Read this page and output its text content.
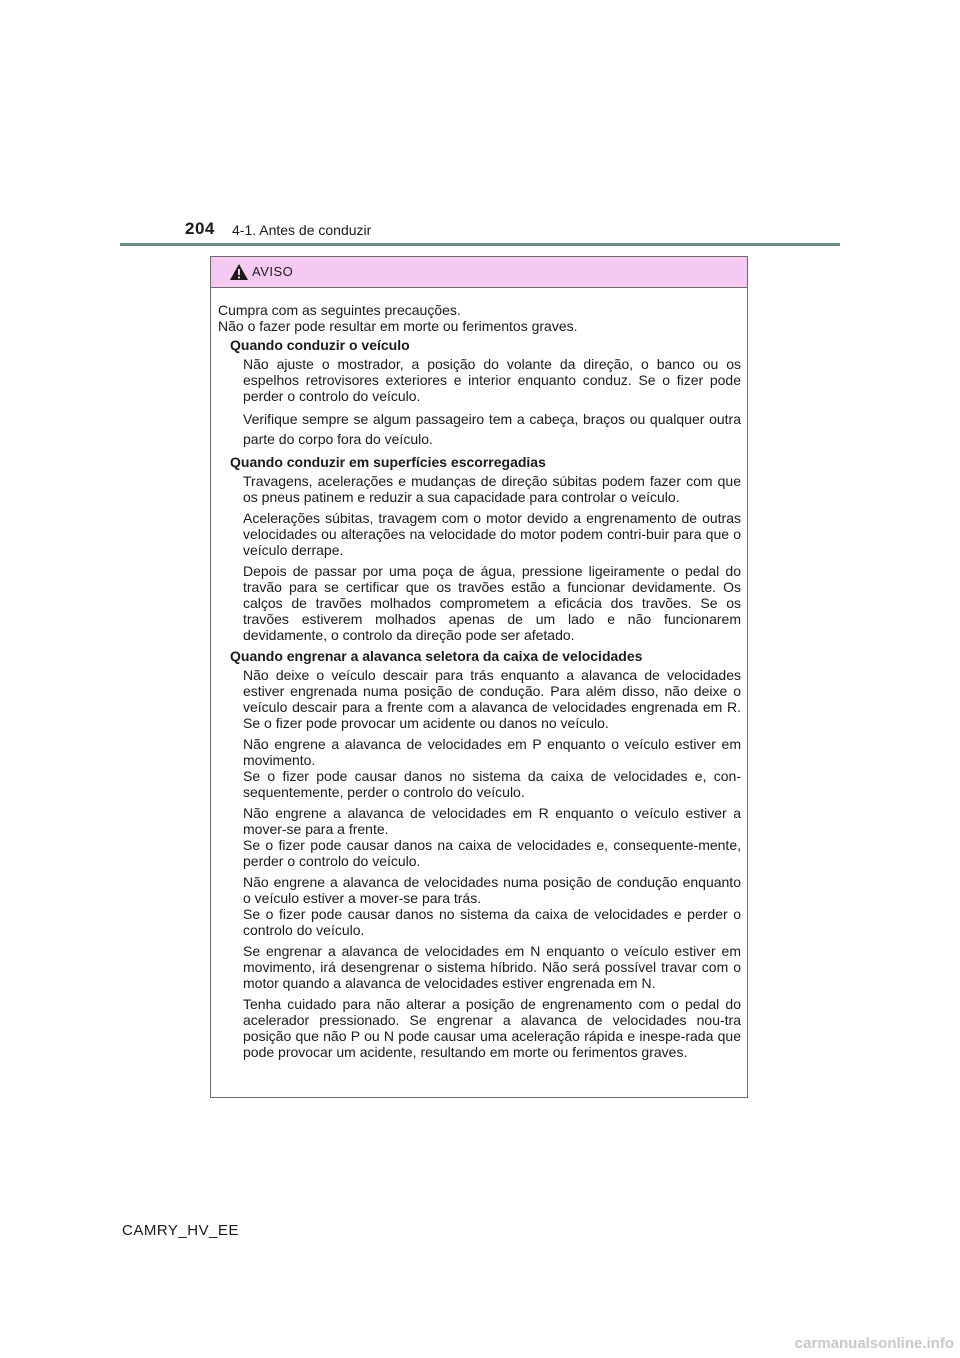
204 4-1. Antes de conduzir
AVISO

Cumpra com as seguintes precauções.

Não o fazer pode resultar em morte ou ferimentos graves.

Quando conduzir o veículo
Não ajuste o mostrador, a posição do volante da direção, o banco ou os espelhos retrovisores exteriores e interior enquanto conduz. Se o fizer pode perder o controlo do veículo.
Verifique sempre se algum passageiro tem a cabeça, braços ou qualquer outra parte do corpo fora do veículo.
Quando conduzir em superfícies escorregadias
Travagens, acelerações e mudanças de direção súbitas podem fazer com que os pneus patinem e reduzir a sua capacidade para controlar o veículo.
Acelerações súbitas, travagem com o motor devido a engrenamento de outras velocidades ou alterações na velocidade do motor podem contri-buir para que o veículo derrape.
Depois de passar por uma poça de água, pressione ligeiramente o pedal do travão para se certificar que os travões estão a funcionar devidamente. Os calços de travões molhados comprometem a eficácia dos travões. Se os travões estiverem molhados apenas de um lado e não funcionarem devidamente, o controlo da direção pode ser afetado.
Quando engrenar a alavanca seletora da caixa de velocidades
Não deixe o veículo descair para trás enquanto a alavanca de velocidades estiver engrenada numa posição de condução. Para além disso, não deixe o veículo descair para a frente com a alavanca de velocidades engrenada em R. Se o fizer pode provocar um acidente ou danos no veículo.
Não engrene a alavanca de velocidades em P enquanto o veículo estiver em movimento.
Se o fizer pode causar danos no sistema da caixa de velocidades e, con-sequentemente, perder o controlo do veículo.
Não engrene a alavanca de velocidades em R enquanto o veículo estiver a mover-se para a frente.
Se o fizer pode causar danos na caixa de velocidades e, consequente-mente, perder o controlo do veículo.
Não engrene a alavanca de velocidades numa posição de condução enquanto o veículo estiver a mover-se para trás.
Se o fizer pode causar danos no sistema da caixa de velocidades e perder o controlo do veículo.
Se engrenar a alavanca de velocidades em N enquanto o veículo estiver em movimento, irá desengrenar o sistema híbrido. Não será possível travar com o motor quando a alavanca de velocidades estiver engrenada em N.
Tenha cuidado para não alterar a posição de engrenamento com o pedal do acelerador pressionado. Se engrenar a alavanca de velocidades nou-tra posição que não P ou N pode causar uma aceleração rápida e inespe-rada que pode provocar um acidente, resultando em morte ou ferimentos graves.
CAMRY_HV_EE
carmanualsonline.info
